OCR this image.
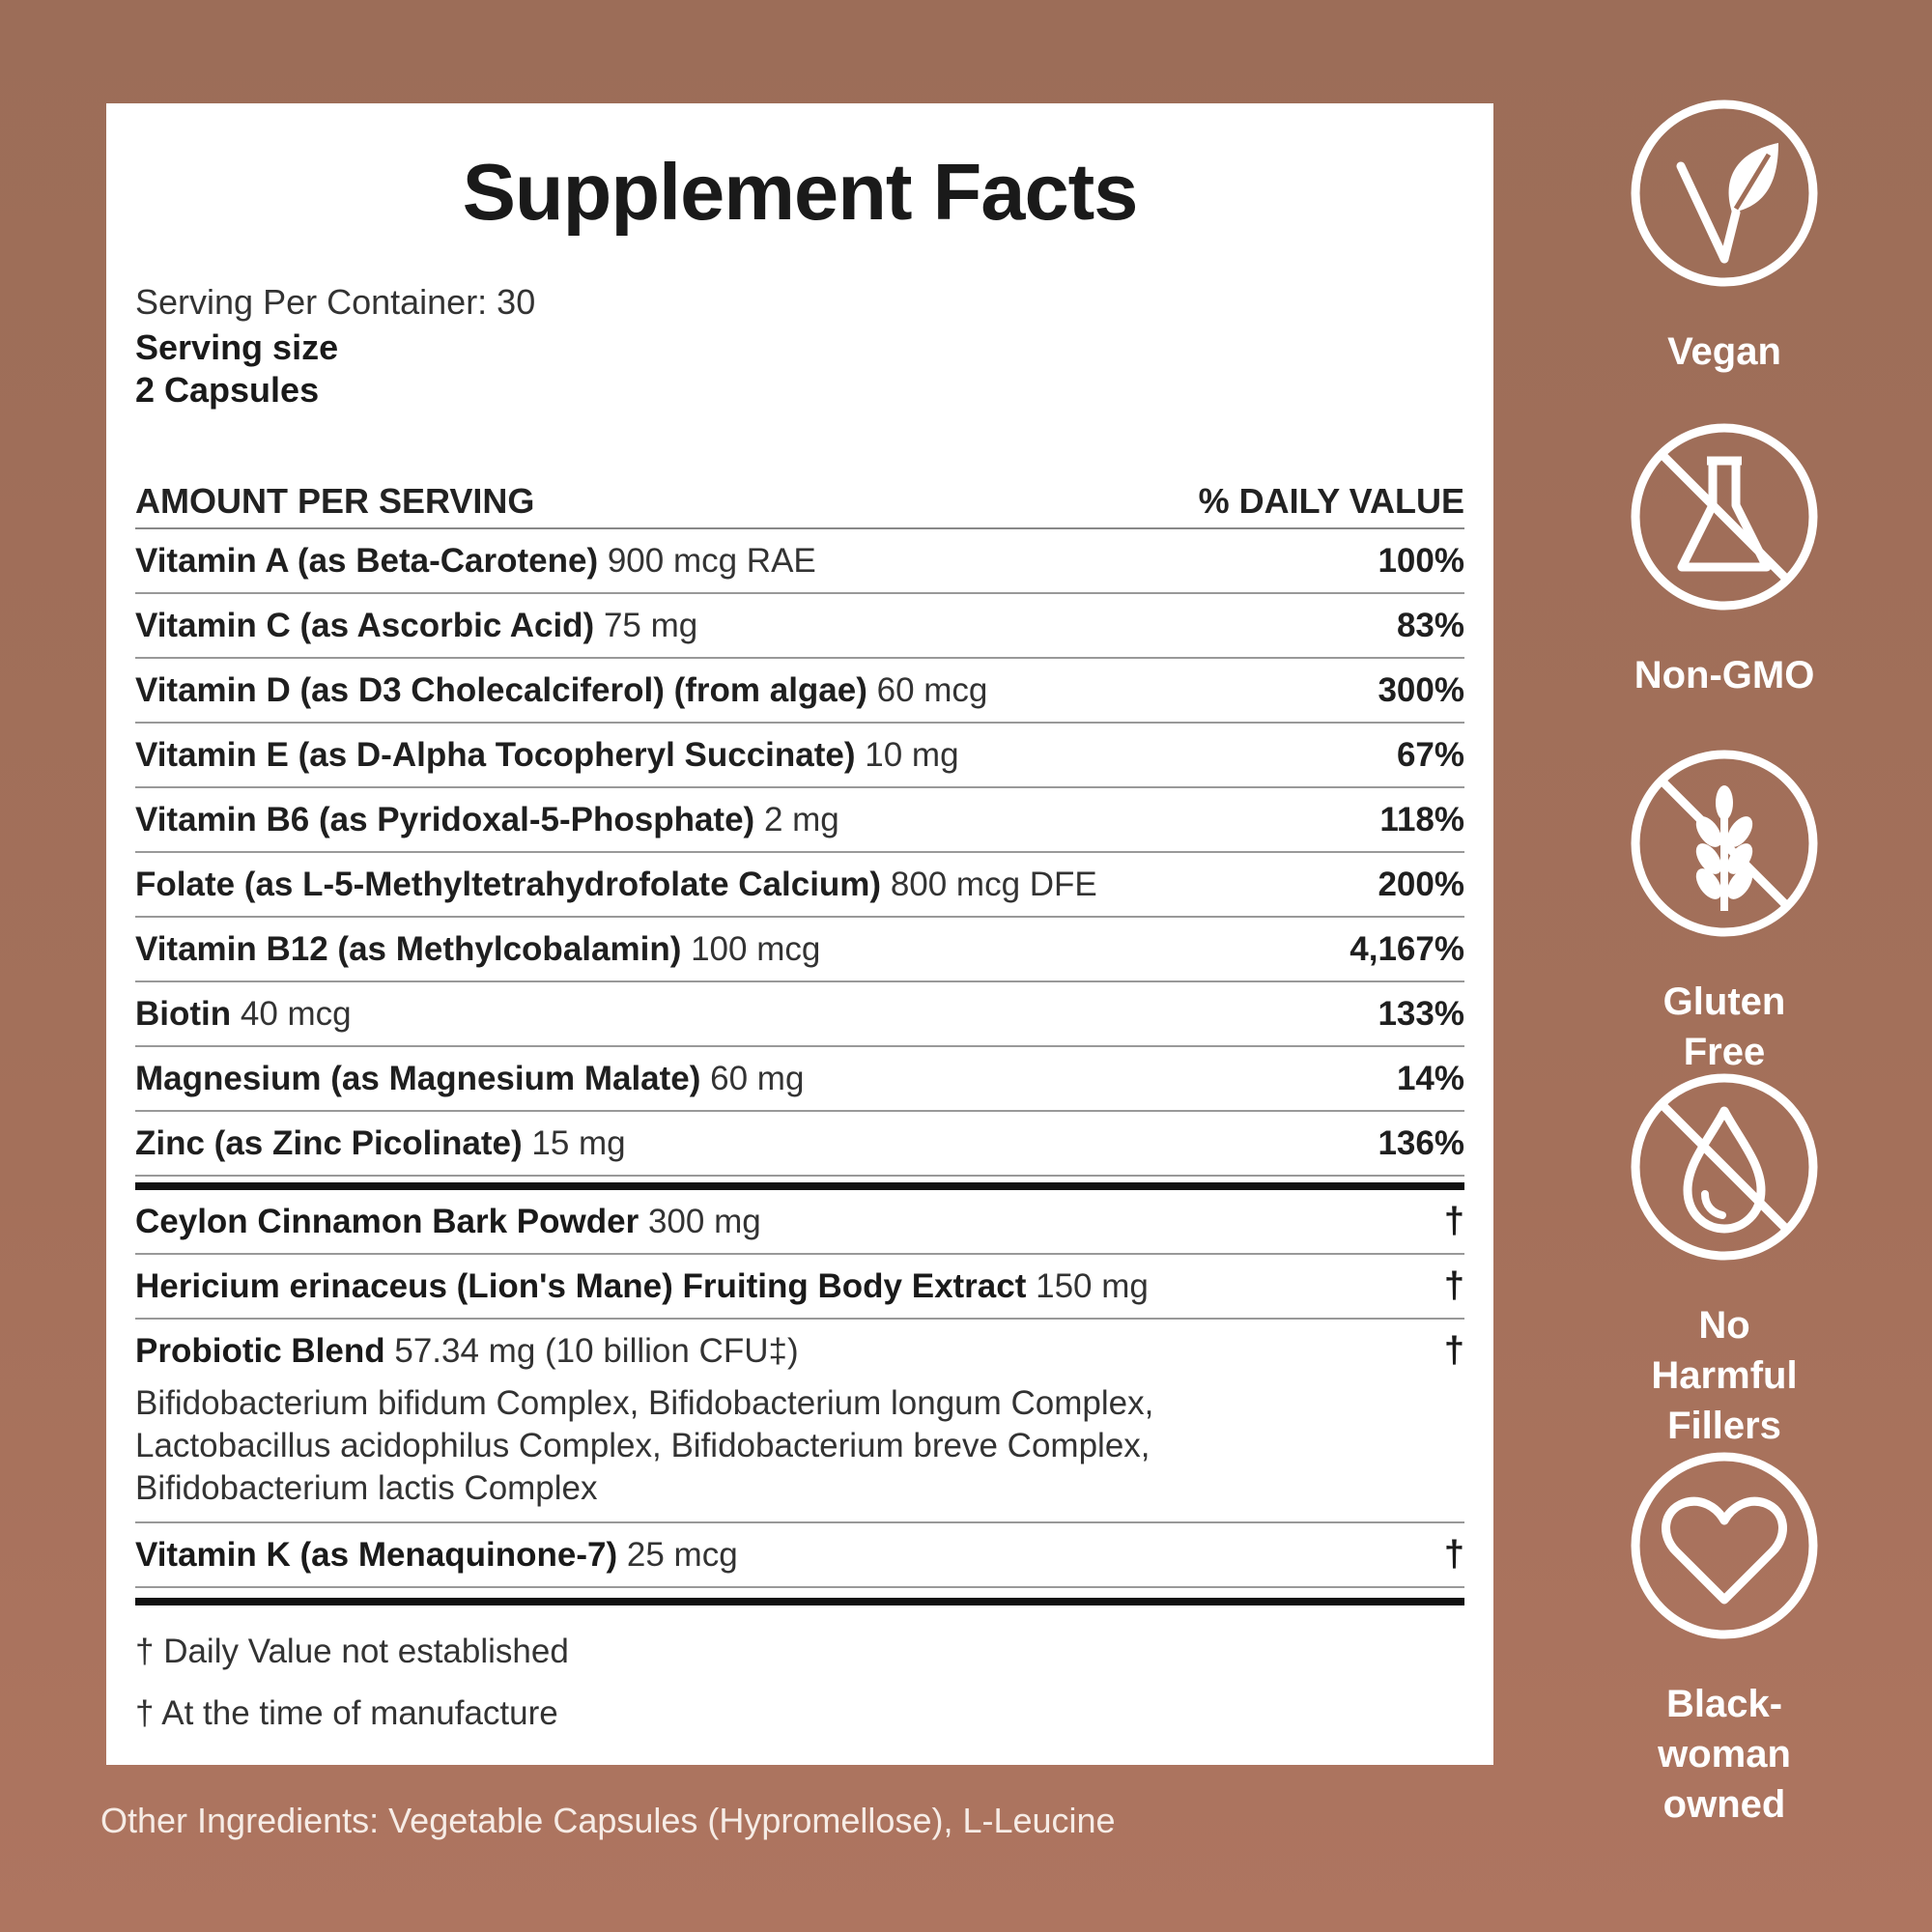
Supplement Facts
Serving Per Container: 30
Serving size
2 Capsules
AMOUNT PER SERVING	% DAILY VALUE
Vitamin A (as Beta-Carotene) 900 mcg RAE	100%
Vitamin C (as Ascorbic Acid) 75 mg	83%
Vitamin D (as D3 Cholecalciferol) (from algae) 60 mcg	300%
Vitamin E (as D-Alpha Tocopheryl Succinate) 10 mg	67%
Vitamin B6 (as Pyridoxal-5-Phosphate) 2 mg	118%
Folate (as L-5-Methyltetrahydrofolate Calcium) 800 mcg DFE	200%
Vitamin B12 (as Methylcobalamin) 100 mcg	4,167%
Biotin 40 mcg	133%
Magnesium (as Magnesium Malate) 60 mg	14%
Zinc (as Zinc Picolinate) 15 mg	136%
Ceylon Cinnamon Bark Powder 300 mg	†
Hericium erinaceus (Lion's Mane) Fruiting Body Extract 150 mg	†
Probiotic Blend 57.34 mg (10 billion CFU‡)	†
Bifidobacterium bifidum Complex, Bifidobacterium longum Complex, Lactobacillus acidophilus Complex, Bifidobacterium breve Complex, Bifidobacterium lactis Complex
Vitamin K (as Menaquinone-7) 25 mcg	†
† Daily Value not established
† At the time of manufacture
Other Ingredients: Vegetable Capsules (Hypromellose), L-Leucine
Vegan
Non-GMO
Gluten Free
No Harmful Fillers
Black-woman owned
